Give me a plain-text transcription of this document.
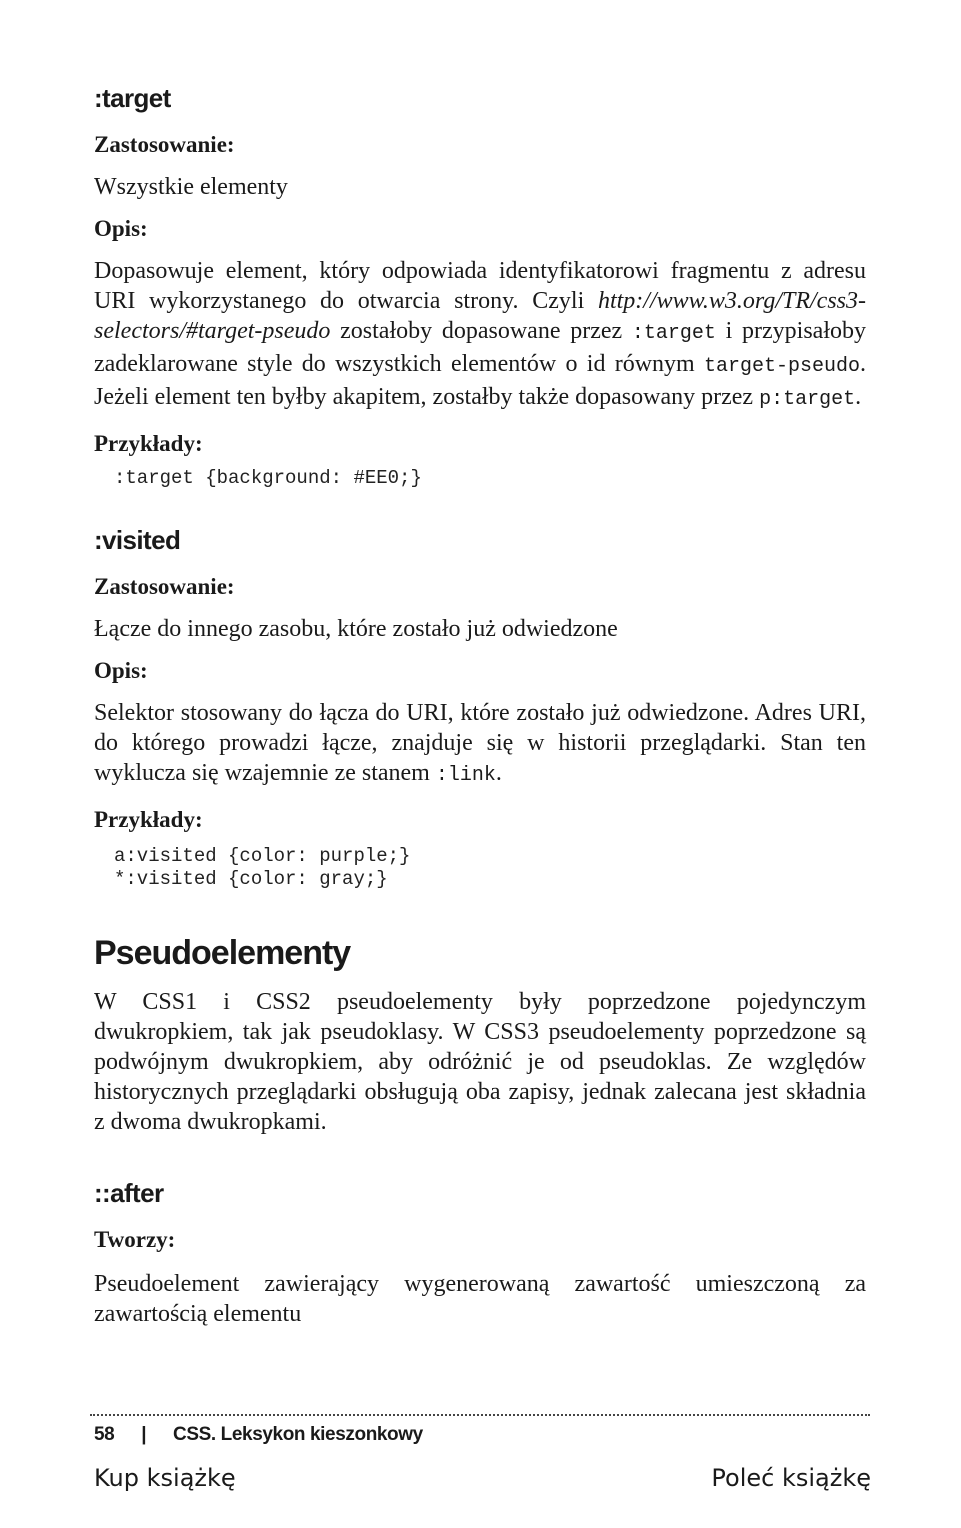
:target

Zastosowanie:

Wszystkie elementy

Opis:

Dopasowuje element, który odpowiada identyfikatorowi fragmentu z adresu URI wykorzystanego do otwarcia strony. Czyli http://www.w3.org/TR/css3-selectors/#target-pseudo zostałoby dopasowane przez :target i przypisałoby zadeklarowane style do wszystkich elementów o id równym target-pseudo. Jeżeli element ten byłby akapitem, zostałby także dopasowany przez p:target.

Przykłady:

:target {background: #EE0;}

:visited

Zastosowanie:

Łącze do innego zasobu, które zostało już odwiedzone

Opis:

Selektor stosowany do łącza do URI, które zostało już odwiedzone. Adres URI, do którego prowadzi łącze, znajduje się w historii przeglądarki. Stan ten wyklucza się wzajemnie ze stanem :link.

Przykłady:

a:visited {color: purple;}

*:visited {color: gray;}

Pseudoelementy

W CSS1 i CSS2 pseudoelementy były poprzedzone pojedynczym dwukropkiem, tak jak pseudoklasy. W CSS3 pseudoelementy poprzedzone są podwójnym dwukropkiem, aby odróżnić je od pseudoklas. Ze względów historycznych przeglądarki obsługują oba zapisy, jednak zalecana jest składnia z dwoma dwukropkami.

::after

Tworzy:

Pseudoelement zawierający wygenerowaną zawartość umieszczoną za zawartością elementu

58 | CSS. Leksykon kieszonkowy
Kup książkę	Poleć książkę
